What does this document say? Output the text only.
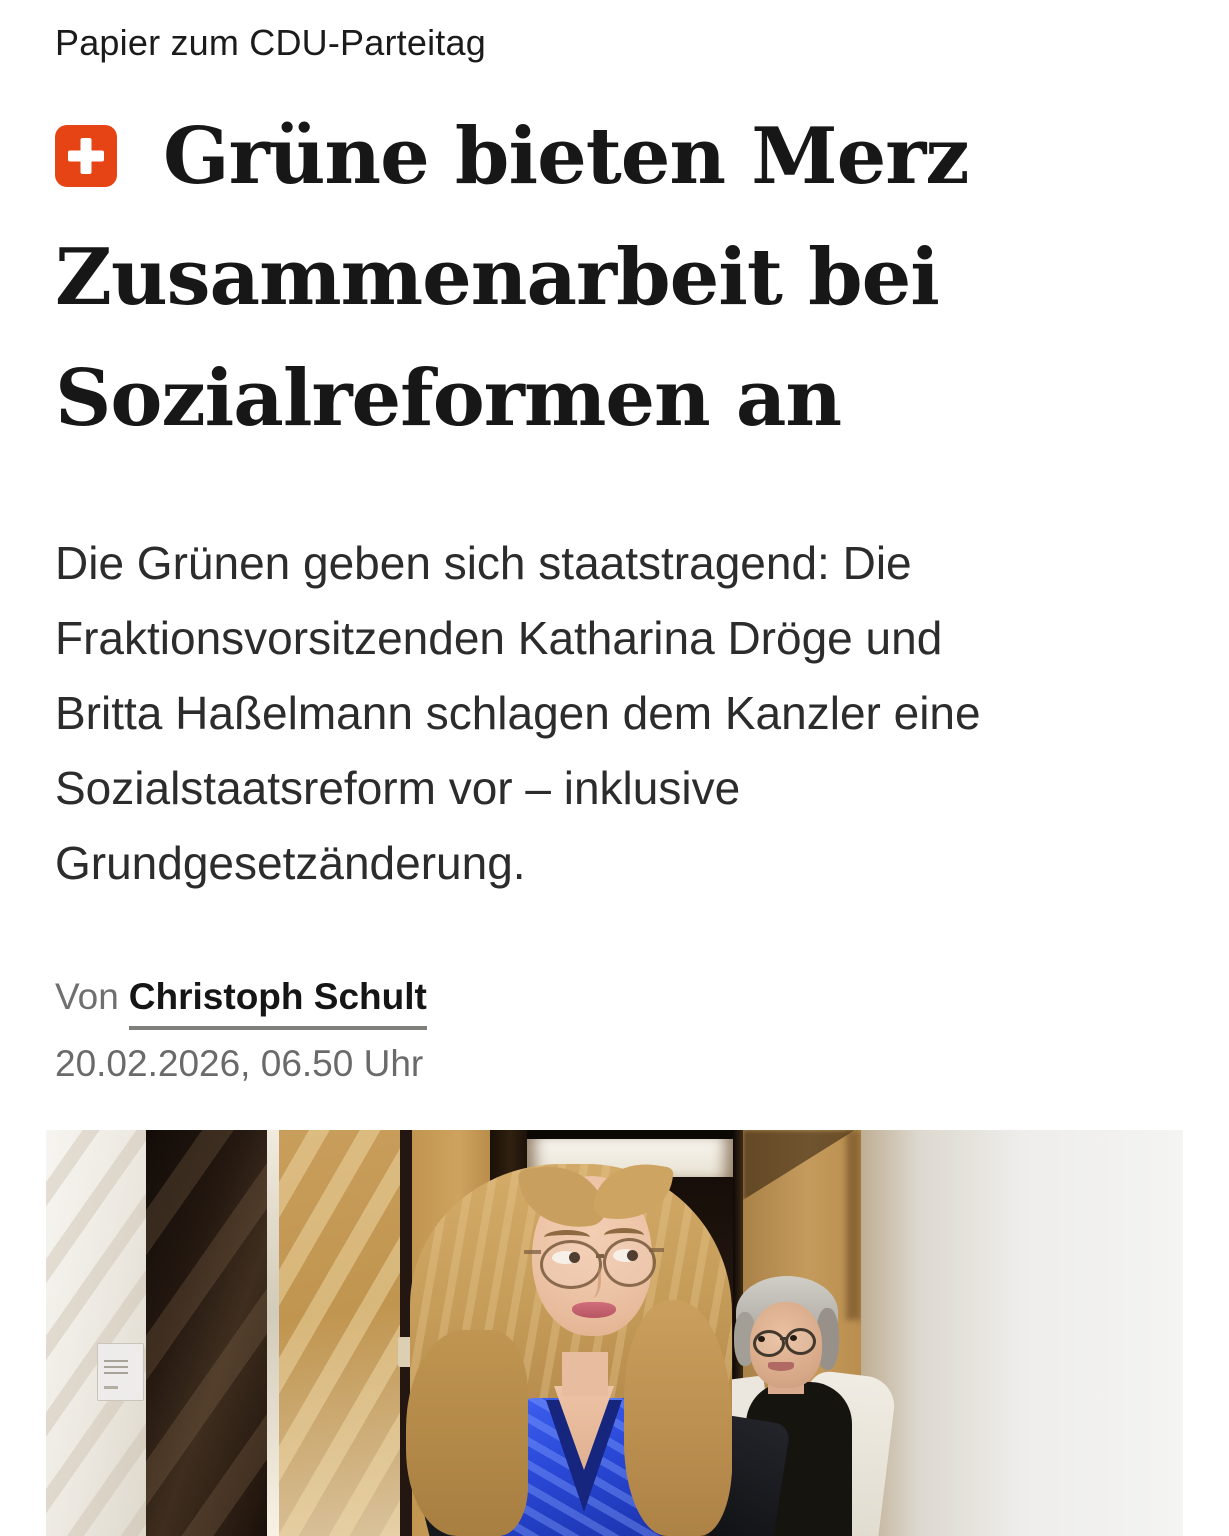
Papier zum CDU-Parteitag
Grüne bieten Merz Zusammenarbeit bei Sozialreformen an

Die Grünen geben sich staatstragend: Die
Fraktionsvorsitzenden Katharina Dröge und
Britta Haßelmann schlagen dem Kanzler eine
Sozialstaatsreform vor – inklusive
Grundgesetzänderung.

Von Christoph Schult
20.02.2026, 06.50 Uhr
